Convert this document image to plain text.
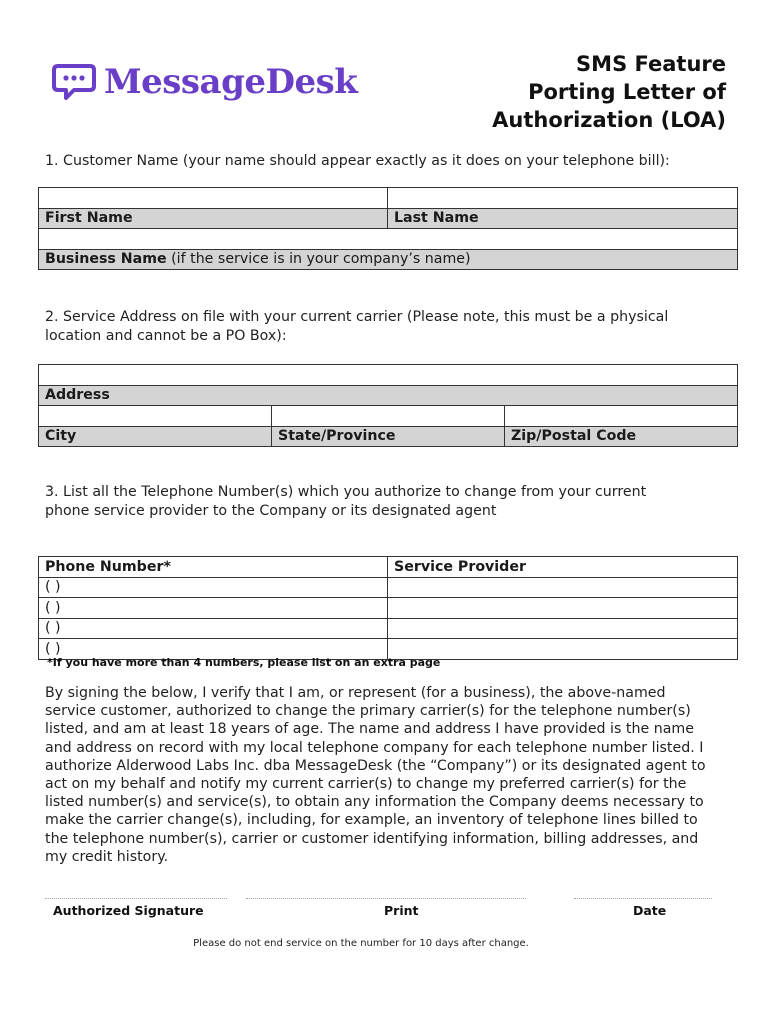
MessageDesk	SMS Feature
Porting Letter of
Authorization (LOA)
1. Customer Name (your name should appear exactly as it does on your telephone bill):

First Name	Last Name

Business Name (if the service is in your company’s name)	
2. Service Address on file with your current carrier (Please note, this must be a physical
location and cannot be a PO Box):

Address		

City	State/Province	Zip/Postal Code
3. List all the Telephone Number(s) which you authorize to change from your current
phone service provider to the Company or its designated agent
Phone Number*	Service Provider
( )	
( )	
( )	
( )	
*If you have more than 4 numbers, please list on an extra page
By signing the below, I verify that I am, or represent (for a business), the above-named
service customer, authorized to change the primary carrier(s) for the telephone number(s)
listed, and am at least 18 years of age. The name and address I have provided is the name
and address on record with my local telephone company for each telephone number listed. I
authorize Alderwood Labs Inc. dba MessageDesk (the “Company”) or its designated agent to
act on my behalf and notify my current carrier(s) to change my preferred carrier(s) for the
listed number(s) and service(s), to obtain any information the Company deems necessary to
make the carrier change(s), including, for example, an inventory of telephone lines billed to
the telephone number(s), carrier or customer identifying information, billing addresses, and
my credit history.
Authorized Signature	Print	Date
Please do not end service on the number for 10 days after change.
